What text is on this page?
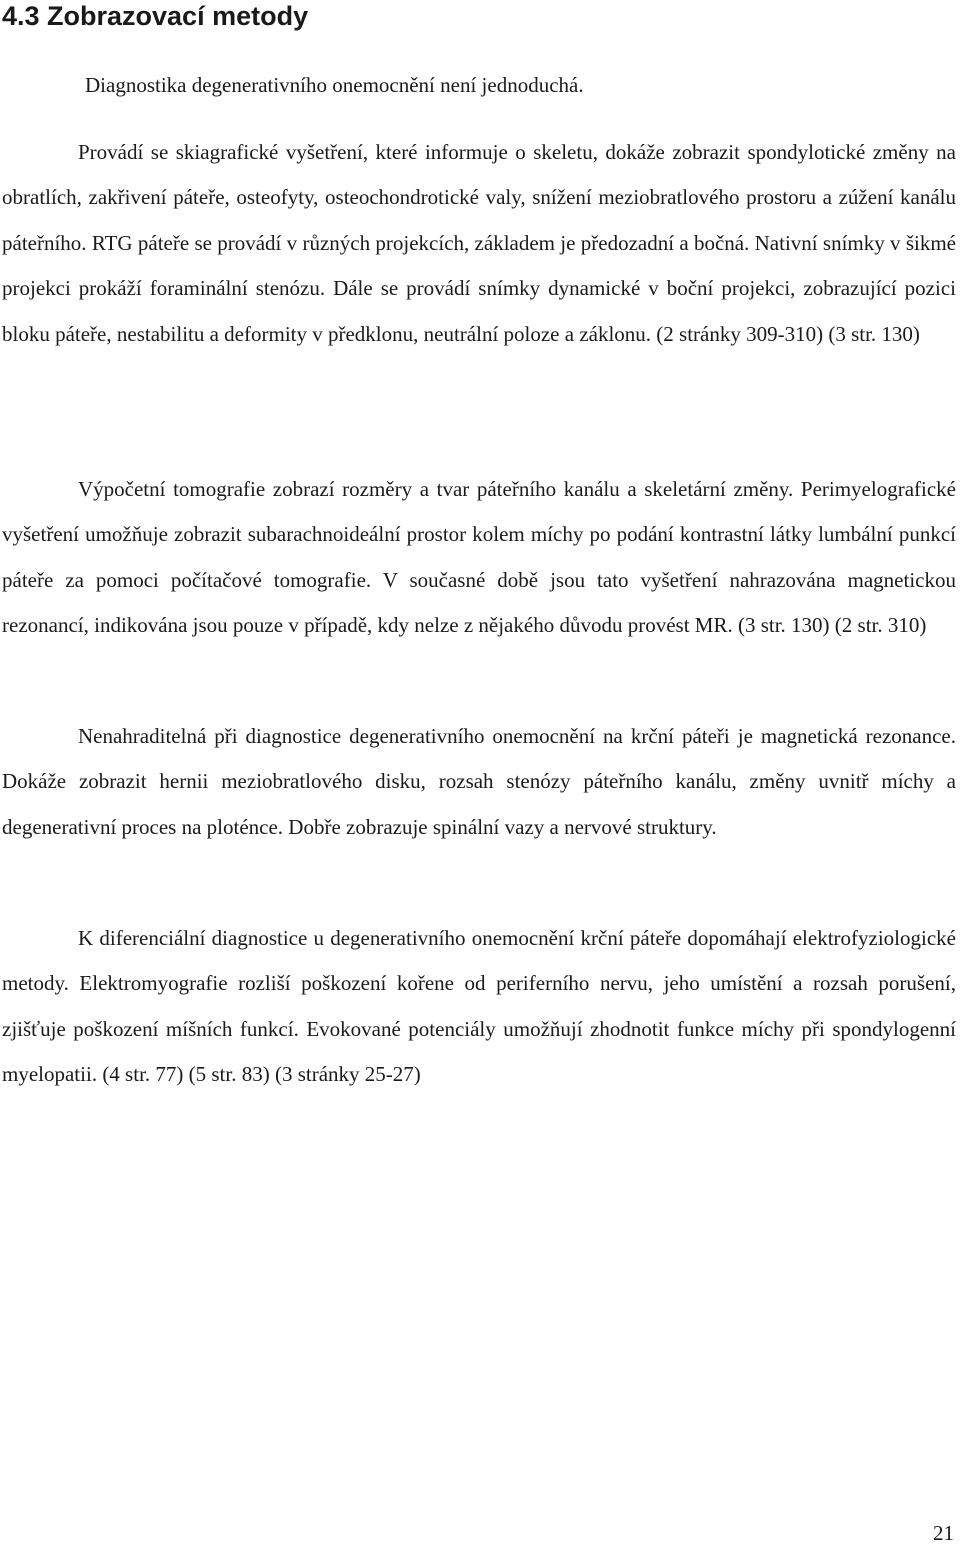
4.3 Zobrazovací metody

Diagnostika degenerativního onemocnění není jednoduchá.

Provádí se skiagrafické vyšetření, které informuje o skeletu, dokáže zobrazit spondylotické změny na obratlích, zakřivení páteře, osteofyty, osteochondrotické valy, snížení meziobratlového prostoru a zúžení kanálu páteřního. RTG páteře se provádí v různých projekcích, základem je předozadní a bočná. Nativní snímky v šikmé projekci prokáží foraminální stenózu. Dále se provádí snímky dynamické v boční projekci, zobrazující pozici bloku páteře, nestabilitu a deformity v předklonu, neutrální poloze a záklonu. (2 stránky 309-310) (3 str. 130)

Výpočetní tomografie zobrazí rozměry a tvar páteřního kanálu a skeletární změny. Perimyelografické vyšetření umožňuje zobrazit subarachnoideální prostor kolem míchy po podání kontrastní látky lumbální punkcí páteře za pomoci počítačové tomografie. V současné době jsou tato vyšetření nahrazována magnetickou rezonancí, indikována jsou pouze v případě, kdy nelze z nějakého důvodu provést MR. (3 str. 130) (2 str. 310)

Nenahraditelná při diagnostice degenerativního onemocnění na krční páteři je magnetická rezonance. Dokáže zobrazit hernii meziobratlového disku, rozsah stenózy páteřního kanálu, změny uvnitř míchy a degenerativní proces na ploténce. Dobře zobrazuje spinální vazy a nervové struktury.

K diferenciální diagnostice u degenerativního onemocnění krční páteře dopomáhají elektrofyziologické metody. Elektromyografie rozliší poškození kořene od periferního nervu, jeho umístění a rozsah porušení, zjišťuje poškození míšních funkcí. Evokované potenciály umožňují zhodnotit funkce míchy při spondylogenní myelopatii. (4 str. 77) (5 str. 83) (3 stránky 25-27)

21
